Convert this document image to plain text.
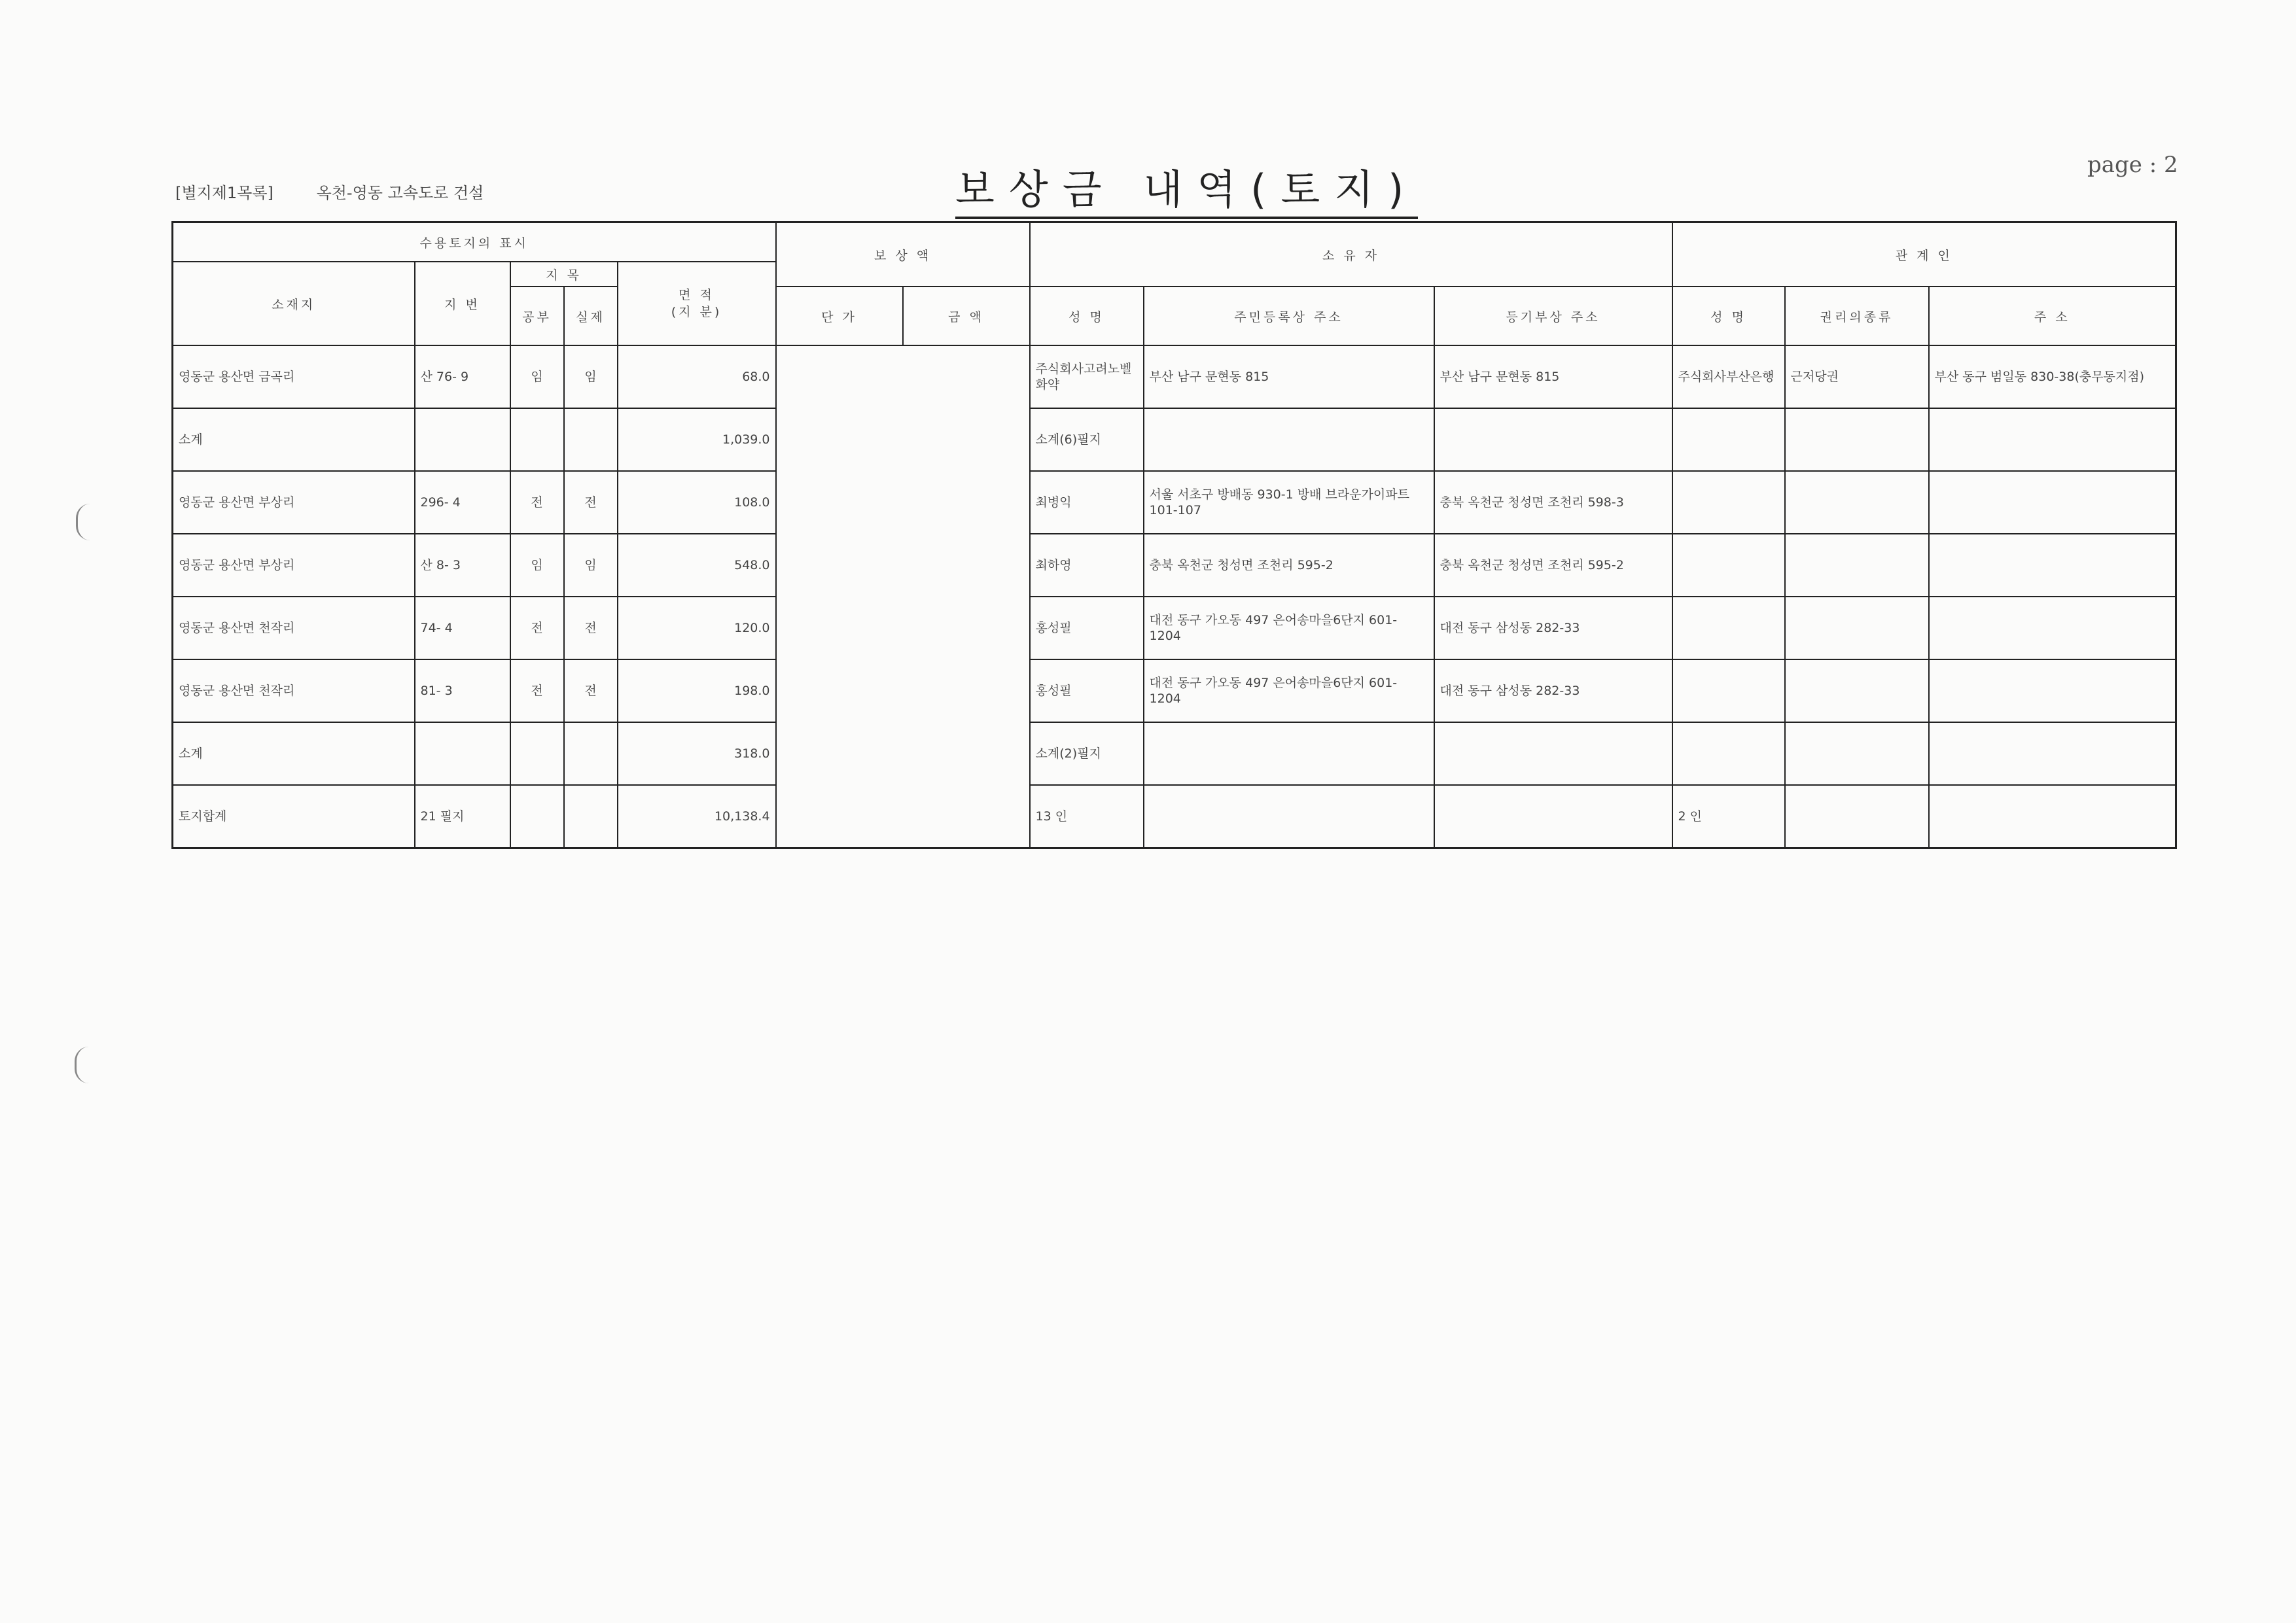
page : 2
[별지제1목록]	옥천-영동 고속도로 건설	보상금 내역(토지)
수용토지의 표시					보 상 액		소 유 자			관 계 인		
소재지	지 번	지 목		면 적
(지 분)								
		공부	실제		단 가	금 액	성 명	주민등록상 주소	등기부상 주소	성 명	권리의종류	주 소
영동군 용산면 금곡리	산 76- 9	임	임	68.0			주식회사고려노벨화약	부산 남구 문현동 815	부산 남구 문현동 815	주식회사부산은행	근저당권	부산 동구 범일동 830-38(충무동지점)
소계				1,039.0			소계(6)필지					
영동군 용산면 부상리	296- 4	전	전	108.0			최병익	서울 서초구 방배동 930-1 방배 브라운가이파트 101-107	충북 옥천군 청성면 조천리 598-3			
영동군 용산면 부상리	산 8- 3	임	임	548.0			최하영	충북 옥천군 청성면 조천리 595-2	충북 옥천군 청성면 조천리 595-2			
영동군 용산면 천작리	74- 4	전	전	120.0			홍성필	대전 동구 가오동 497 은어송마을6단지 601-1204	대전 동구 삼성동 282-33			
영동군 용산면 천작리	81- 3	전	전	198.0			홍성필	대전 동구 가오동 497 은어송마을6단지 601-1204	대전 동구 삼성동 282-33			
소계				318.0			소계(2)필지					
토지합계	21 필지			10,138.4			13 인			2 인		
